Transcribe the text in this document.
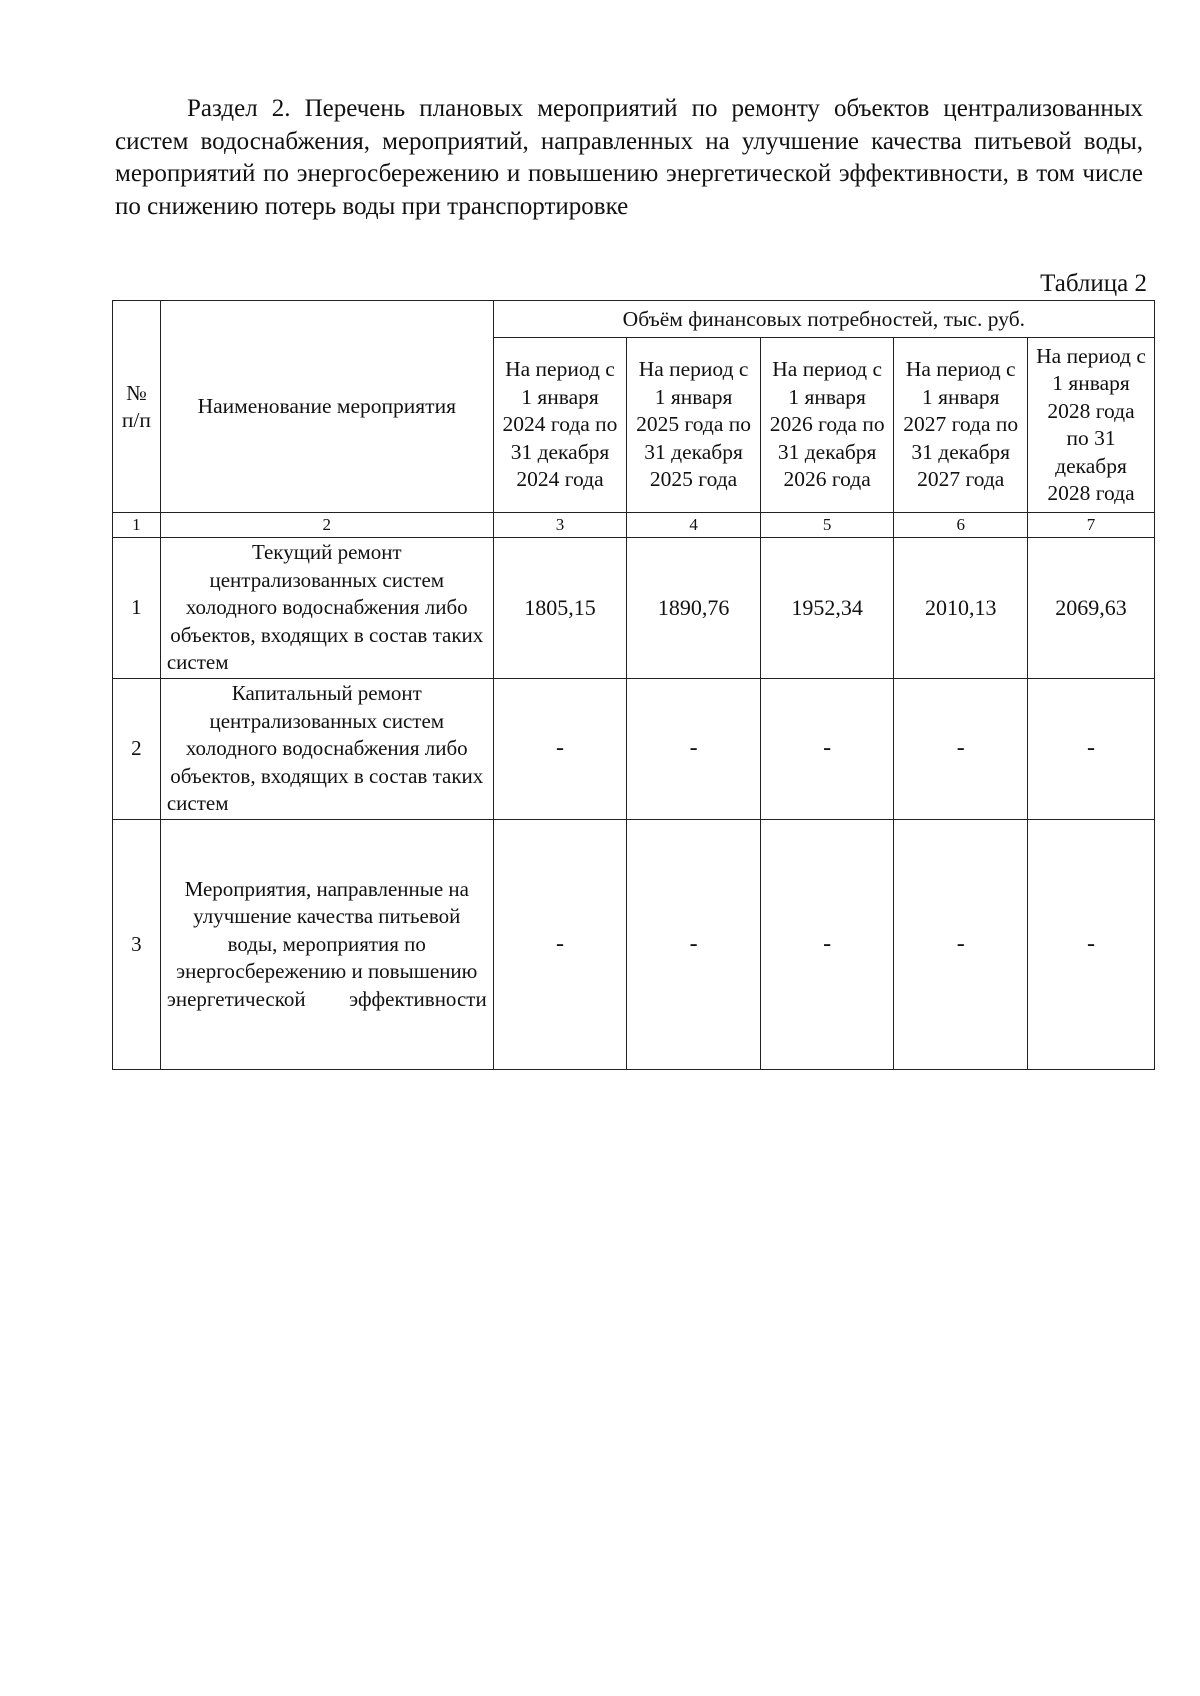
Раздел 2. Перечень плановых мероприятий по ремонту объектов централизованных систем водоснабжения, мероприятий, направленных на улучшение качества питьевой воды, мероприятий по энергосбережению и повышению энергетической эффективности, в том числе по снижению потерь воды при транспортировке
Таблица 2
№ п/п	Наименование мероприятия	Объём финансовых потребностей, тыс. руб.				
		На период с 1 января 2024 года по 31 декабря 2024 года	На период с 1 января 2025 года по 31 декабря 2025 года	На период с 1 января 2026 года по 31 декабря 2026 года	На период с 1 января 2027 года по 31 декабря 2027 года	На период с 1 января 2028 года по 31 декабря 2028 года
1	2	3	4	5	6	7
1	Текущий ремонт централизованных систем холодного водоснабжения либо объектов, входящих в состав таких систем	1805,15	1890,76	1952,34	2010,13	2069,63
2	Капитальный ремонт централизованных систем холодного водоснабжения либо объектов, входящих в состав таких систем	-	-	-	-	-
3	Мероприятия, направленные на улучшение качества питьевой воды, мероприятия по энергосбережению и повышению энергетической эффективности	-	-	-	-	-
